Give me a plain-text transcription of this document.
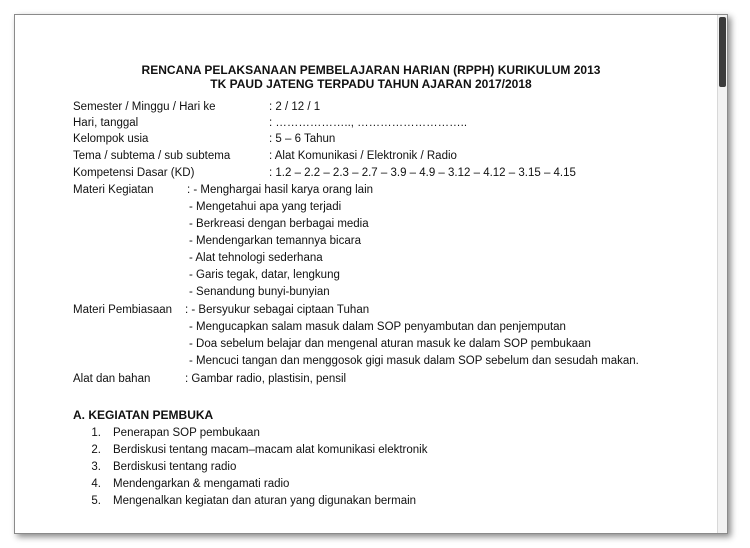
RENCANA PELAKSANAAN PEMBELAJARAN HARIAN (RPPH) KURIKULUM 2013
TK PAUD JATENG TERPADU TAHUN AJARAN 2017/2018
Semester / Minggu / Hari ke	: 2 / 12 / 1
Hari, tanggal	: ……………….., ………………………..
Kelompok usia	: 5 – 6 Tahun
Tema / subtema / sub subtema	: Alat Komunikasi / Elektronik / Radio
Kompetensi Dasar (KD)	: 1.2 – 2.2 – 2.3 – 2.7 – 3.9 – 4.9 – 3.12 – 4.12 – 3.15 – 4.15
Materi Kegiatan	: - Menghargai hasil karya orang lain
- Mengetahui apa yang terjadi
- Berkreasi dengan berbagai media
- Mendengarkan temannya bicara
- Alat tehnologi sederhana
- Garis tegak, datar, lengkung
- Senandung bunyi-bunyian
Materi Pembiasaan : - Bersyukur sebagai ciptaan Tuhan
- Mengucapkan salam masuk dalam SOP penyambutan dan penjemputan
- Doa sebelum belajar dan mengenal aturan masuk ke dalam SOP pembukaan
- Mencuci tangan dan menggosok gigi masuk dalam SOP sebelum dan sesudah makan.
Alat dan bahan	: Gambar radio, plastisin, pensil
A. KEGIATAN PEMBUKA
1. Penerapan SOP pembukaan
2. Berdiskusi tentang macam–macam alat komunikasi elektronik
3. Berdiskusi tentang radio
4. Mendengarkan & mengamati radio
5. Mengenalkan kegiatan dan aturan yang digunakan bermain
